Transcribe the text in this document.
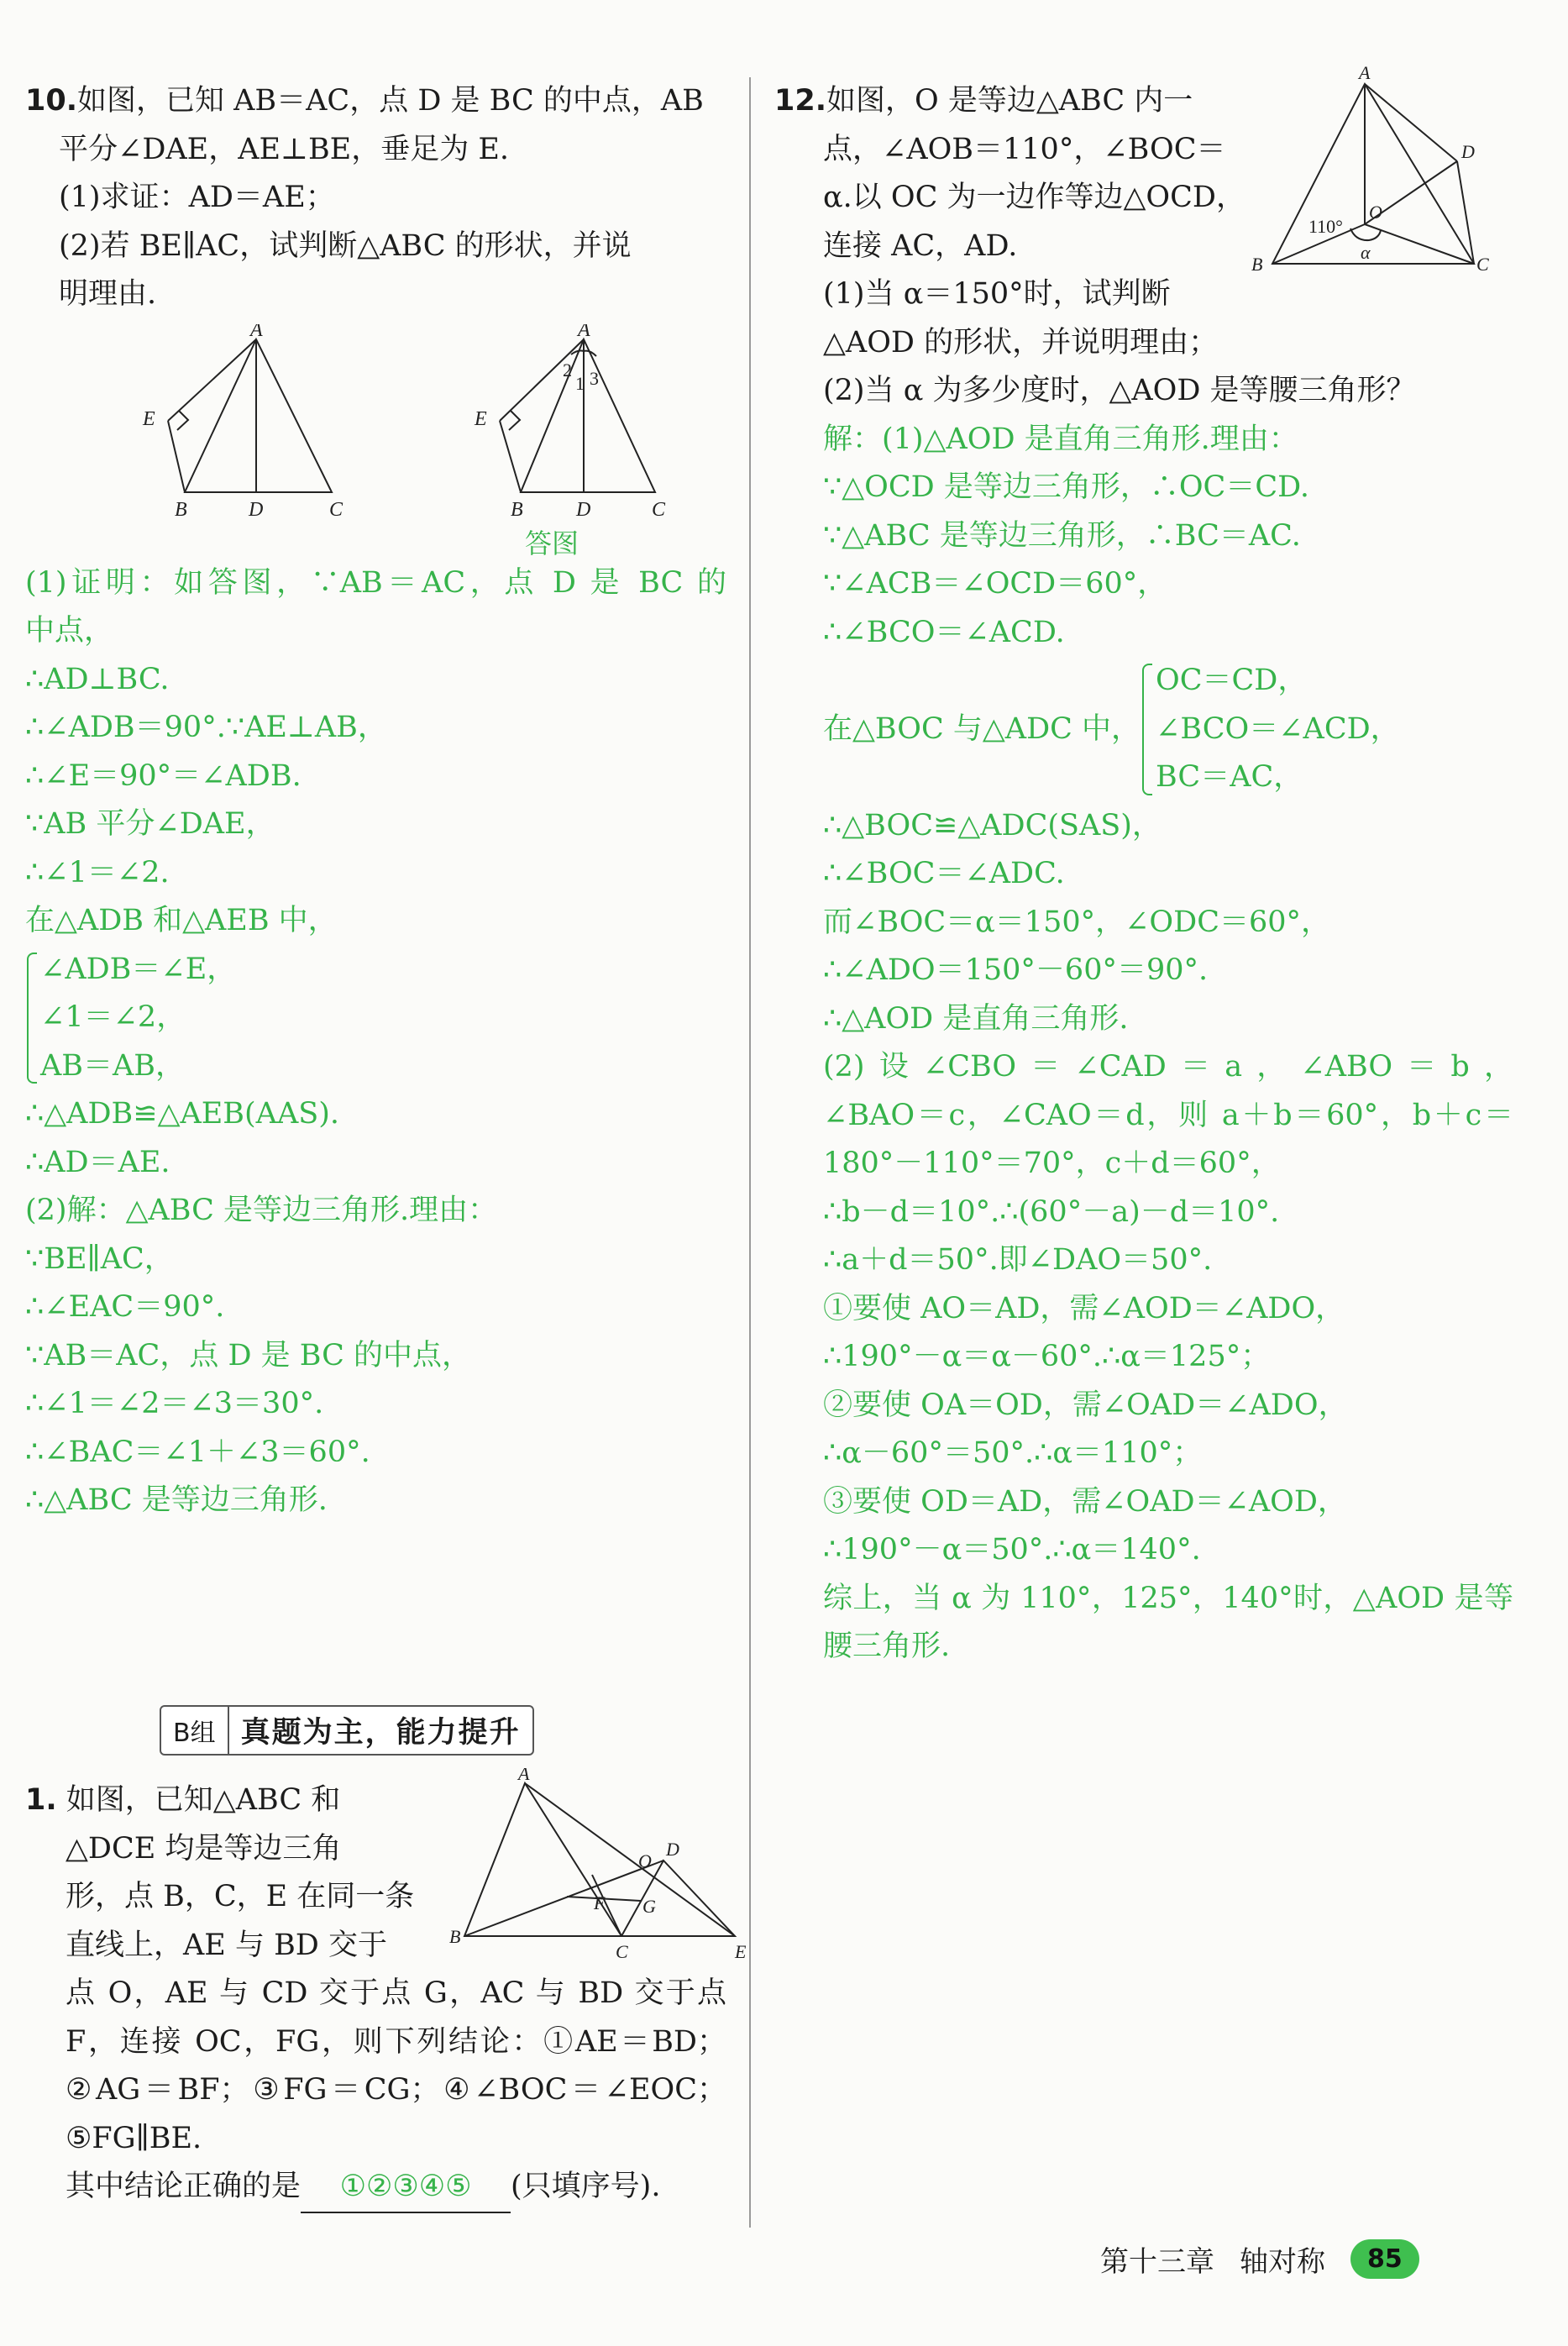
10.如图，已知 AB＝AC，点 D 是 BC 的中点，AB
平分∠DAE，AE⊥BE，垂足为 E.
(1)求证：AD＝AE；
(2)若 BE∥AC，试判断△ABC 的形状，并说
明理由.
A
E
B	D	C
A
E
B	D	C
2
1 3
答图
(1)证明：如答图，∵AB＝AC，点 D 是 BC 的
中点，
∴AD⊥BC.
∴∠ADB＝90°.∵AE⊥AB，
∴∠E＝90°＝∠ADB.
∵AB 平分∠DAE，
∴∠1＝∠2.
在△ADB 和△AEB 中，
∠ADB＝∠E，
∠1＝∠2，
AB＝AB，
∴△ADB≌△AEB(AAS).
∴AD＝AE.
(2)解：△ABC 是等边三角形.理由：
∵BE∥AC，
∴∠EAC＝90°.
∵AB＝AC，点 D 是 BC 的中点，
∴∠1＝∠2＝∠3＝30°.
∴∠BAC＝∠1＋∠3＝60°.
∴△ABC 是等边三角形.
B组 真题为主，能力提升
1. 如图，已知△ABC 和
△DCE 均是等边三角
形，点 B，C，E 在同一条
直线上，AE 与 BD 交于
A
B
C
D
E
O
F G
点 O，AE 与 CD 交于点 G，AC 与 BD 交于点
F，连接 OC，FG，则下列结论：①AE＝BD；
②AG＝BF；③FG＝CG；④∠BOC＝∠EOC；
⑤FG∥BE.
其中结论正确的是 ①②③④⑤ (只填序号).
12.如图，O 是等边△ABC 内一
点，∠AOB＝110°，∠BOC＝
α.以 OC 为一边作等边△OCD，
连接 AC，AD.
(1)当 α＝150°时，试判断
△AOD 的形状，并说明理由；
A
B	C
D
O
α
110°
(2)当 α 为多少度时，△AOD 是等腰三角形？
解：(1)△AOD 是直角三角形.理由：
∵△OCD 是等边三角形，∴OC＝CD.
∵△ABC 是等边三角形，∴BC＝AC.
∵∠ACB＝∠OCD＝60°，
∴∠BCO＝∠ACD.
在△BOC 与△ADC 中，
OC＝CD，
∠BCO＝∠ACD，
BC＝AC，
∴△BOC≌△ADC(SAS)，
∴∠BOC＝∠ADC.
而∠BOC＝α＝150°，∠ODC＝60°，
∴∠ADO＝150°－60°＝90°.
∴△AOD 是直角三角形.
(2)设∠CBO＝∠CAD＝a，∠ABO＝b，
∠BAO＝c，∠CAO＝d，则 a＋b＝60°，b＋c＝
180°－110°＝70°，c＋d＝60°，
∴b－d＝10°.∴(60°－a)－d＝10°.
∴a＋d＝50°.即∠DAO＝50°.
①要使 AO＝AD，需∠AOD＝∠ADO，
∴190°－α＝α－60°.∴α＝125°；
②要使 OA＝OD，需∠OAD＝∠ADO，
∴α－60°＝50°.∴α＝110°；
③要使 OD＝AD，需∠OAD＝∠AOD，
∴190°－α＝50°.∴α＝140°.
综上，当 α 为 110°，125°，140°时，△AOD 是等
腰三角形.
第十三章 轴对称	85
